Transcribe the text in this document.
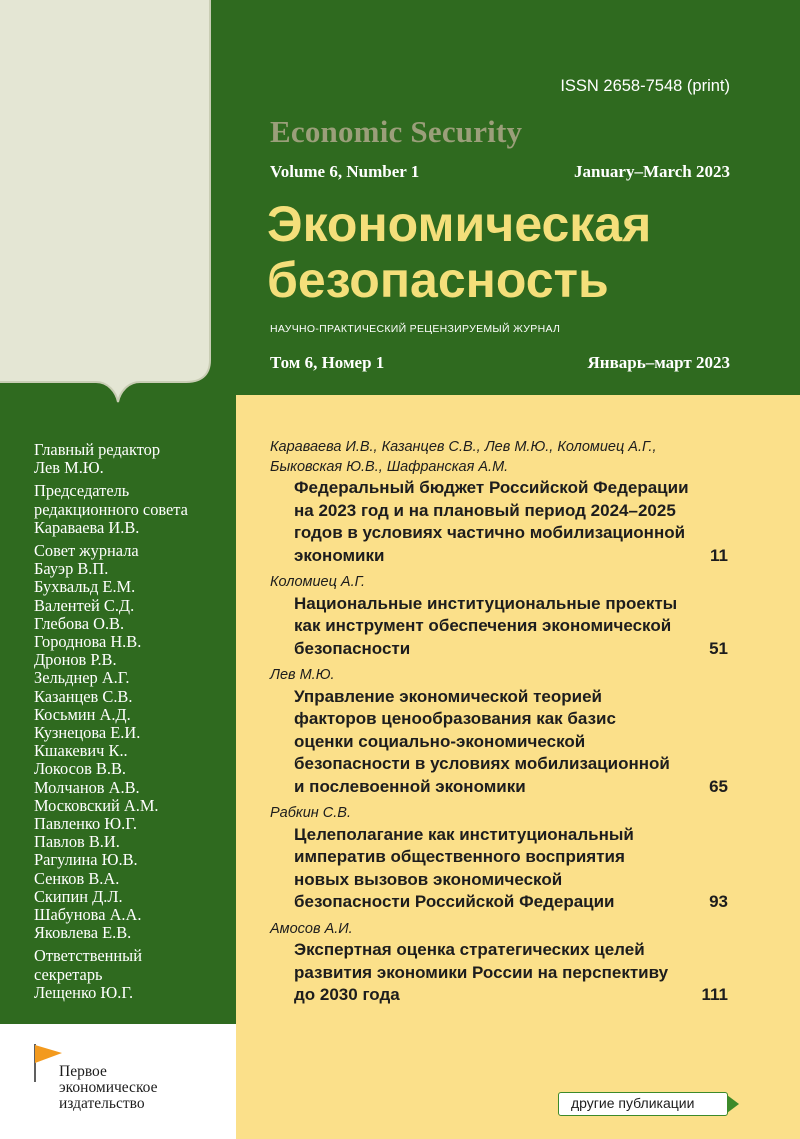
ISSN 2658-7548 (print)
Economic Security
Volume 6, Number 1	January–March 2023
Экономическая
безопасность
НАУЧНО-ПРАКТИЧЕСКИЙ РЕЦЕНЗИРУЕМЫЙ ЖУРНАЛ
Том 6, Номер 1	Январь–март 2023
Главный редактор
Лев М.Ю.
Председатель
редакционного совета
Караваева И.В.
Совет журнала
Бауэр В.П.
Бухвальд Е.М.
Валентей С.Д.
Глебова О.В.
Городнова Н.В.
Дронов Р.В.
Зельднер А.Г.
Казанцев С.В.
Косьмин А.Д.
Кузнецова Е.И.
Кшакевич К..
Локосов В.В.
Молчанов А.В.
Московский А.М.
Павленко Ю.Г.
Павлов В.И.
Рагулина Ю.В.
Сенков В.А.
Скипин Д.Л.
Шабунова А.А.
Яковлева Е.В.
Ответственный
секретарь
Лещенко Ю.Г.
Первое
экономическое
издательство
Караваева И.В., Казанцев С.В., Лев М.Ю., Коломиец А.Г.,
Быковская Ю.В., Шафранская А.М.
Федеральный бюджет Российской Федерации
на 2023 год и на плановый период 2024–2025
годов в условиях частично мобилизационной
экономики	11
Коломиец А.Г.
Национальные институциональные проекты
как инструмент обеспечения экономической
безопасности	51
Лев М.Ю.
Управление экономической теорией
факторов ценообразования как базис
оценки социально-экономической
безопасности в условиях мобилизационной
и послевоенной экономики	65
Рабкин С.В.
Целеполагание как институциональный
императив общественного восприятия
новых вызовов экономической
безопасности Российской Федерации	93
Амосов А.И.
Экспертная оценка стратегических целей
развития экономики России на перспективу
до 2030 года	111
другие публикации
